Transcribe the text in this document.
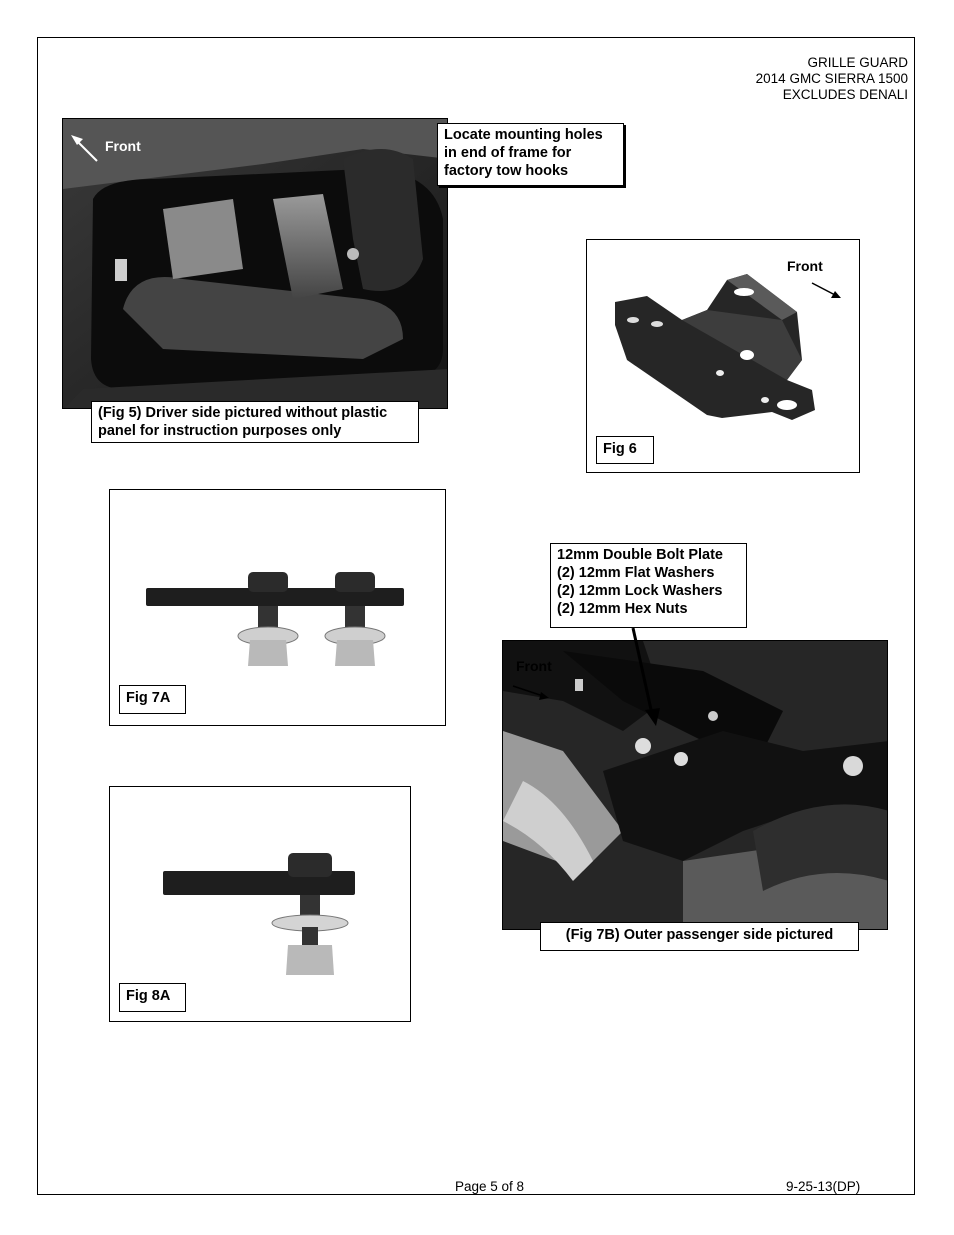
GRILLE GUARD
2014 GMC SIERRA 1500
EXCLUDES DENALI
Front
Locate mounting holes in end of frame for factory tow hooks
(Fig 5) Driver side pictured without plastic
panel for instruction purposes only
Front
Fig 6
Fig 7A
Fig 8A
Front
12mm Double Bolt Plate
(2) 12mm Flat Washers
(2) 12mm Lock Washers
(2) 12mm Hex Nuts
(Fig 7B) Outer passenger side pictured
Page 5 of 8	9-25-13(DP)
